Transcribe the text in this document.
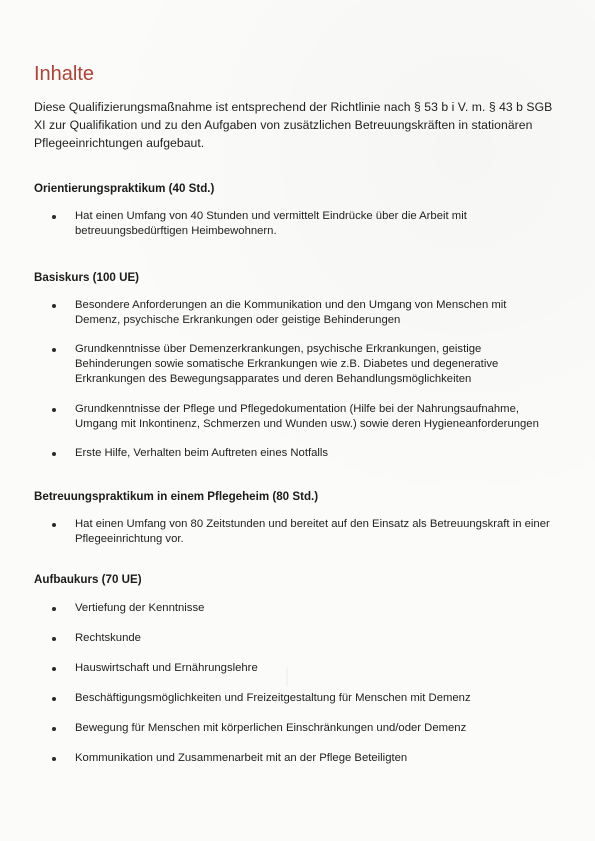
Inhalte

Diese Qualifizierungsmaßnahme ist entsprechend der Richtlinie nach § 53 b i V. m. § 43 b SGB XI zur Qualifikation und zu den Aufgaben von zusätzlichen Betreuungskräften in stationären Pflegeeinrichtungen aufgebaut.

Orientierungspraktikum (40 Std.)
Hat einen Umfang von 40 Stunden und vermittelt Eindrücke über die Arbeit mit betreuungsbedürftigen Heimbewohnern.
Basiskurs (100 UE)
Besondere Anforderungen an die Kommunikation und den Umgang von Menschen mit Demenz, psychische Erkrankungen oder geistige Behinderungen
Grundkenntnisse über Demenzerkrankungen, psychische Erkrankungen, geistige Behinderungen sowie somatische Erkrankungen wie z.B. Diabetes und degenerative Erkrankungen des Bewegungsapparates und deren Behandlungsmöglichkeiten
Grundkenntnisse der Pflege und Pflegedokumentation (Hilfe bei der Nahrungsaufnahme, Umgang mit Inkontinenz, Schmerzen und Wunden usw.) sowie deren Hygieneanforderungen
Erste Hilfe, Verhalten beim Auftreten eines Notfalls
Betreuungspraktikum in einem Pflegeheim (80 Std.)
Hat einen Umfang von 80 Zeitstunden und bereitet auf den Einsatz als Betreuungskraft in einer Pflegeeinrichtung vor.
Aufbaukurs (70 UE)
Vertiefung der Kenntnisse
Rechtskunde
Hauswirtschaft und Ernährungslehre
Beschäftigungsmöglichkeiten und Freizeitgestaltung für Menschen mit Demenz
Bewegung für Menschen mit körperlichen Einschränkungen und/oder Demenz
Kommunikation und Zusammenarbeit mit an der Pflege Beteiligten
